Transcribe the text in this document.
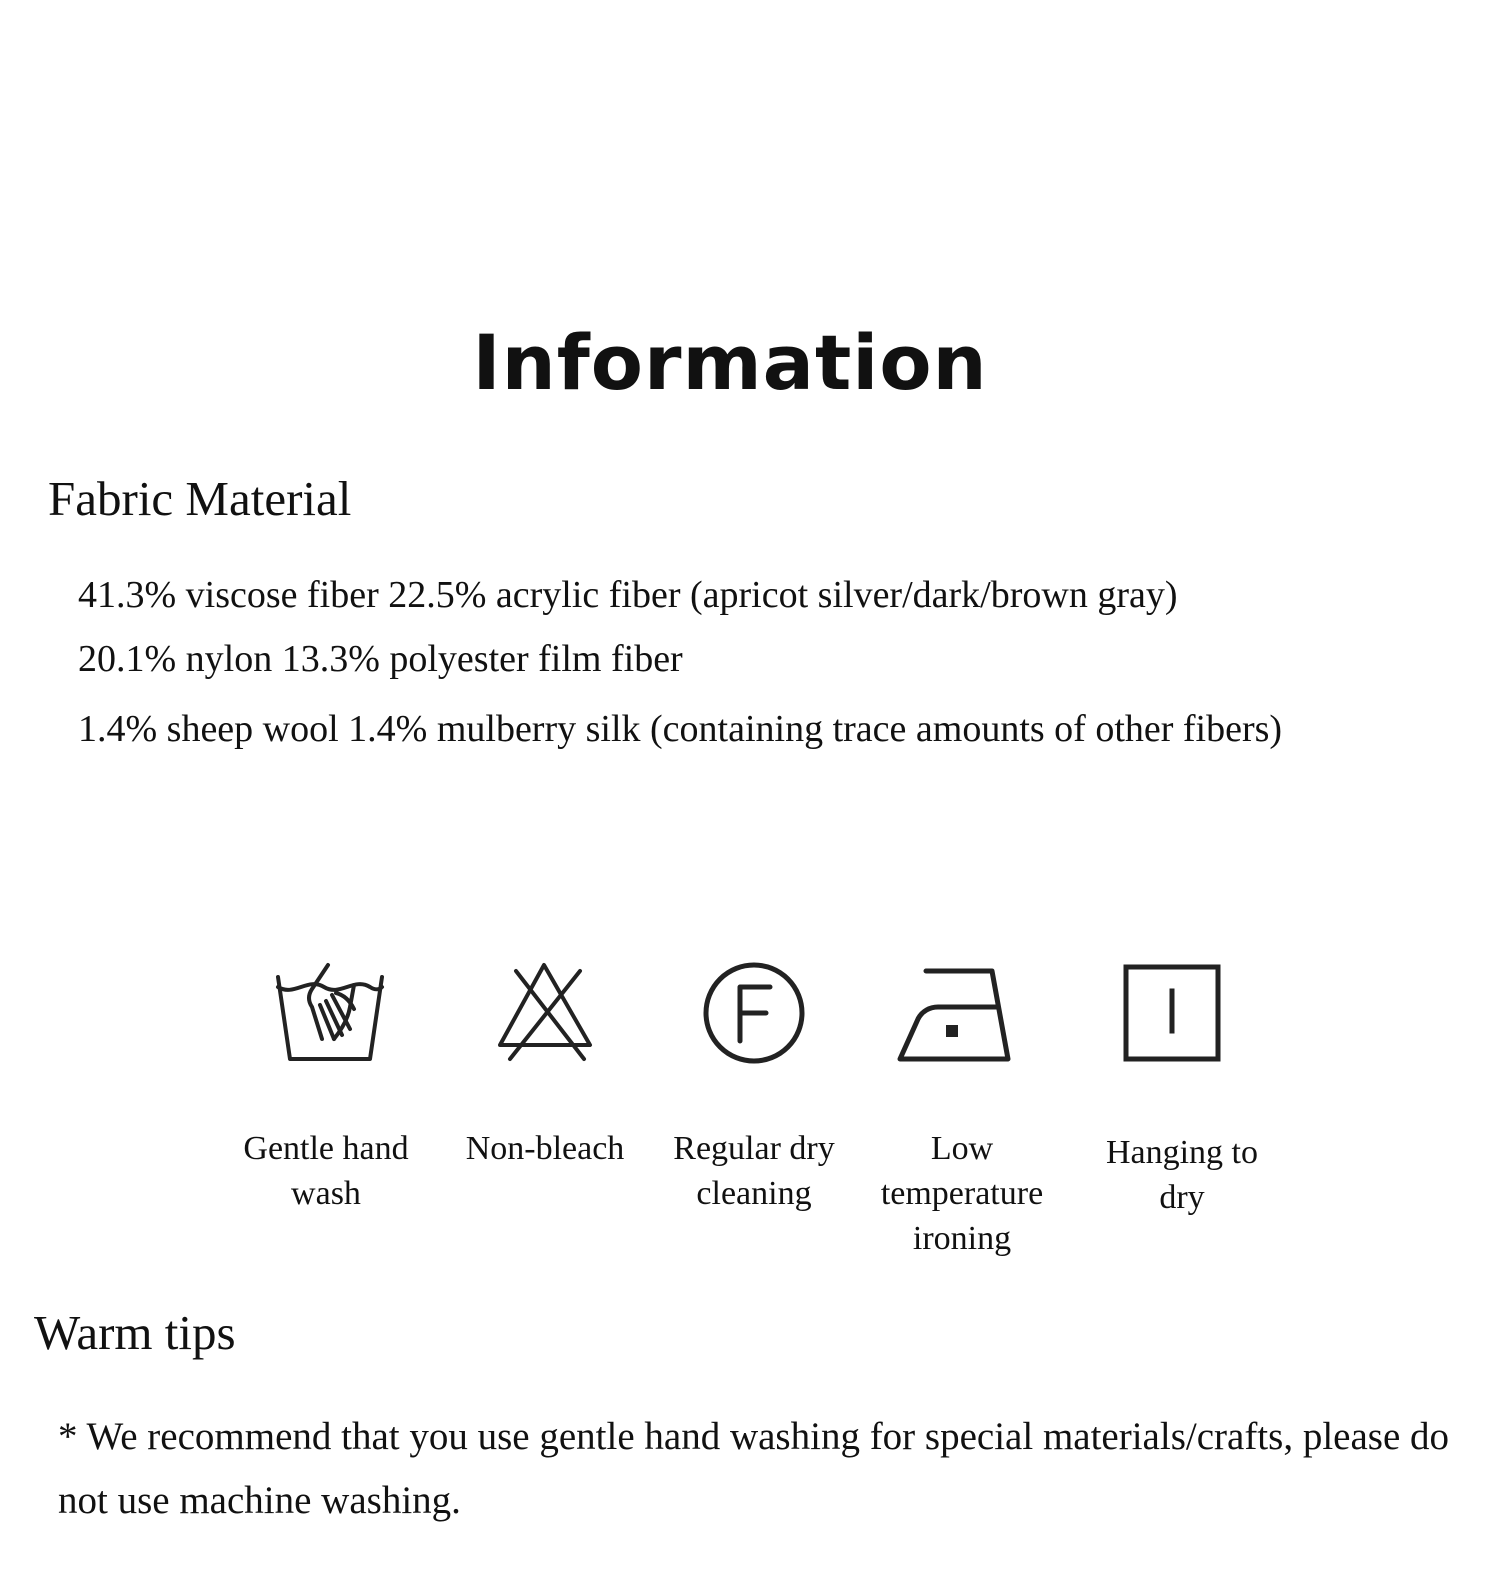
Information
Fabric Material
41.3% viscose fiber 22.5% acrylic fiber (apricot silver/dark/brown gray)
20.1% nylon 13.3% polyester film fiber
1.4% sheep wool 1.4% mulberry silk (containing trace amounts of other fibers)
Gentle hand wash
Non-bleach	Regular dry cleaning
Low temperature ironing
Hanging to dry
Warm tips
* We recommend that you use gentle hand washing for special materials/crafts, please do not use machine washing.
